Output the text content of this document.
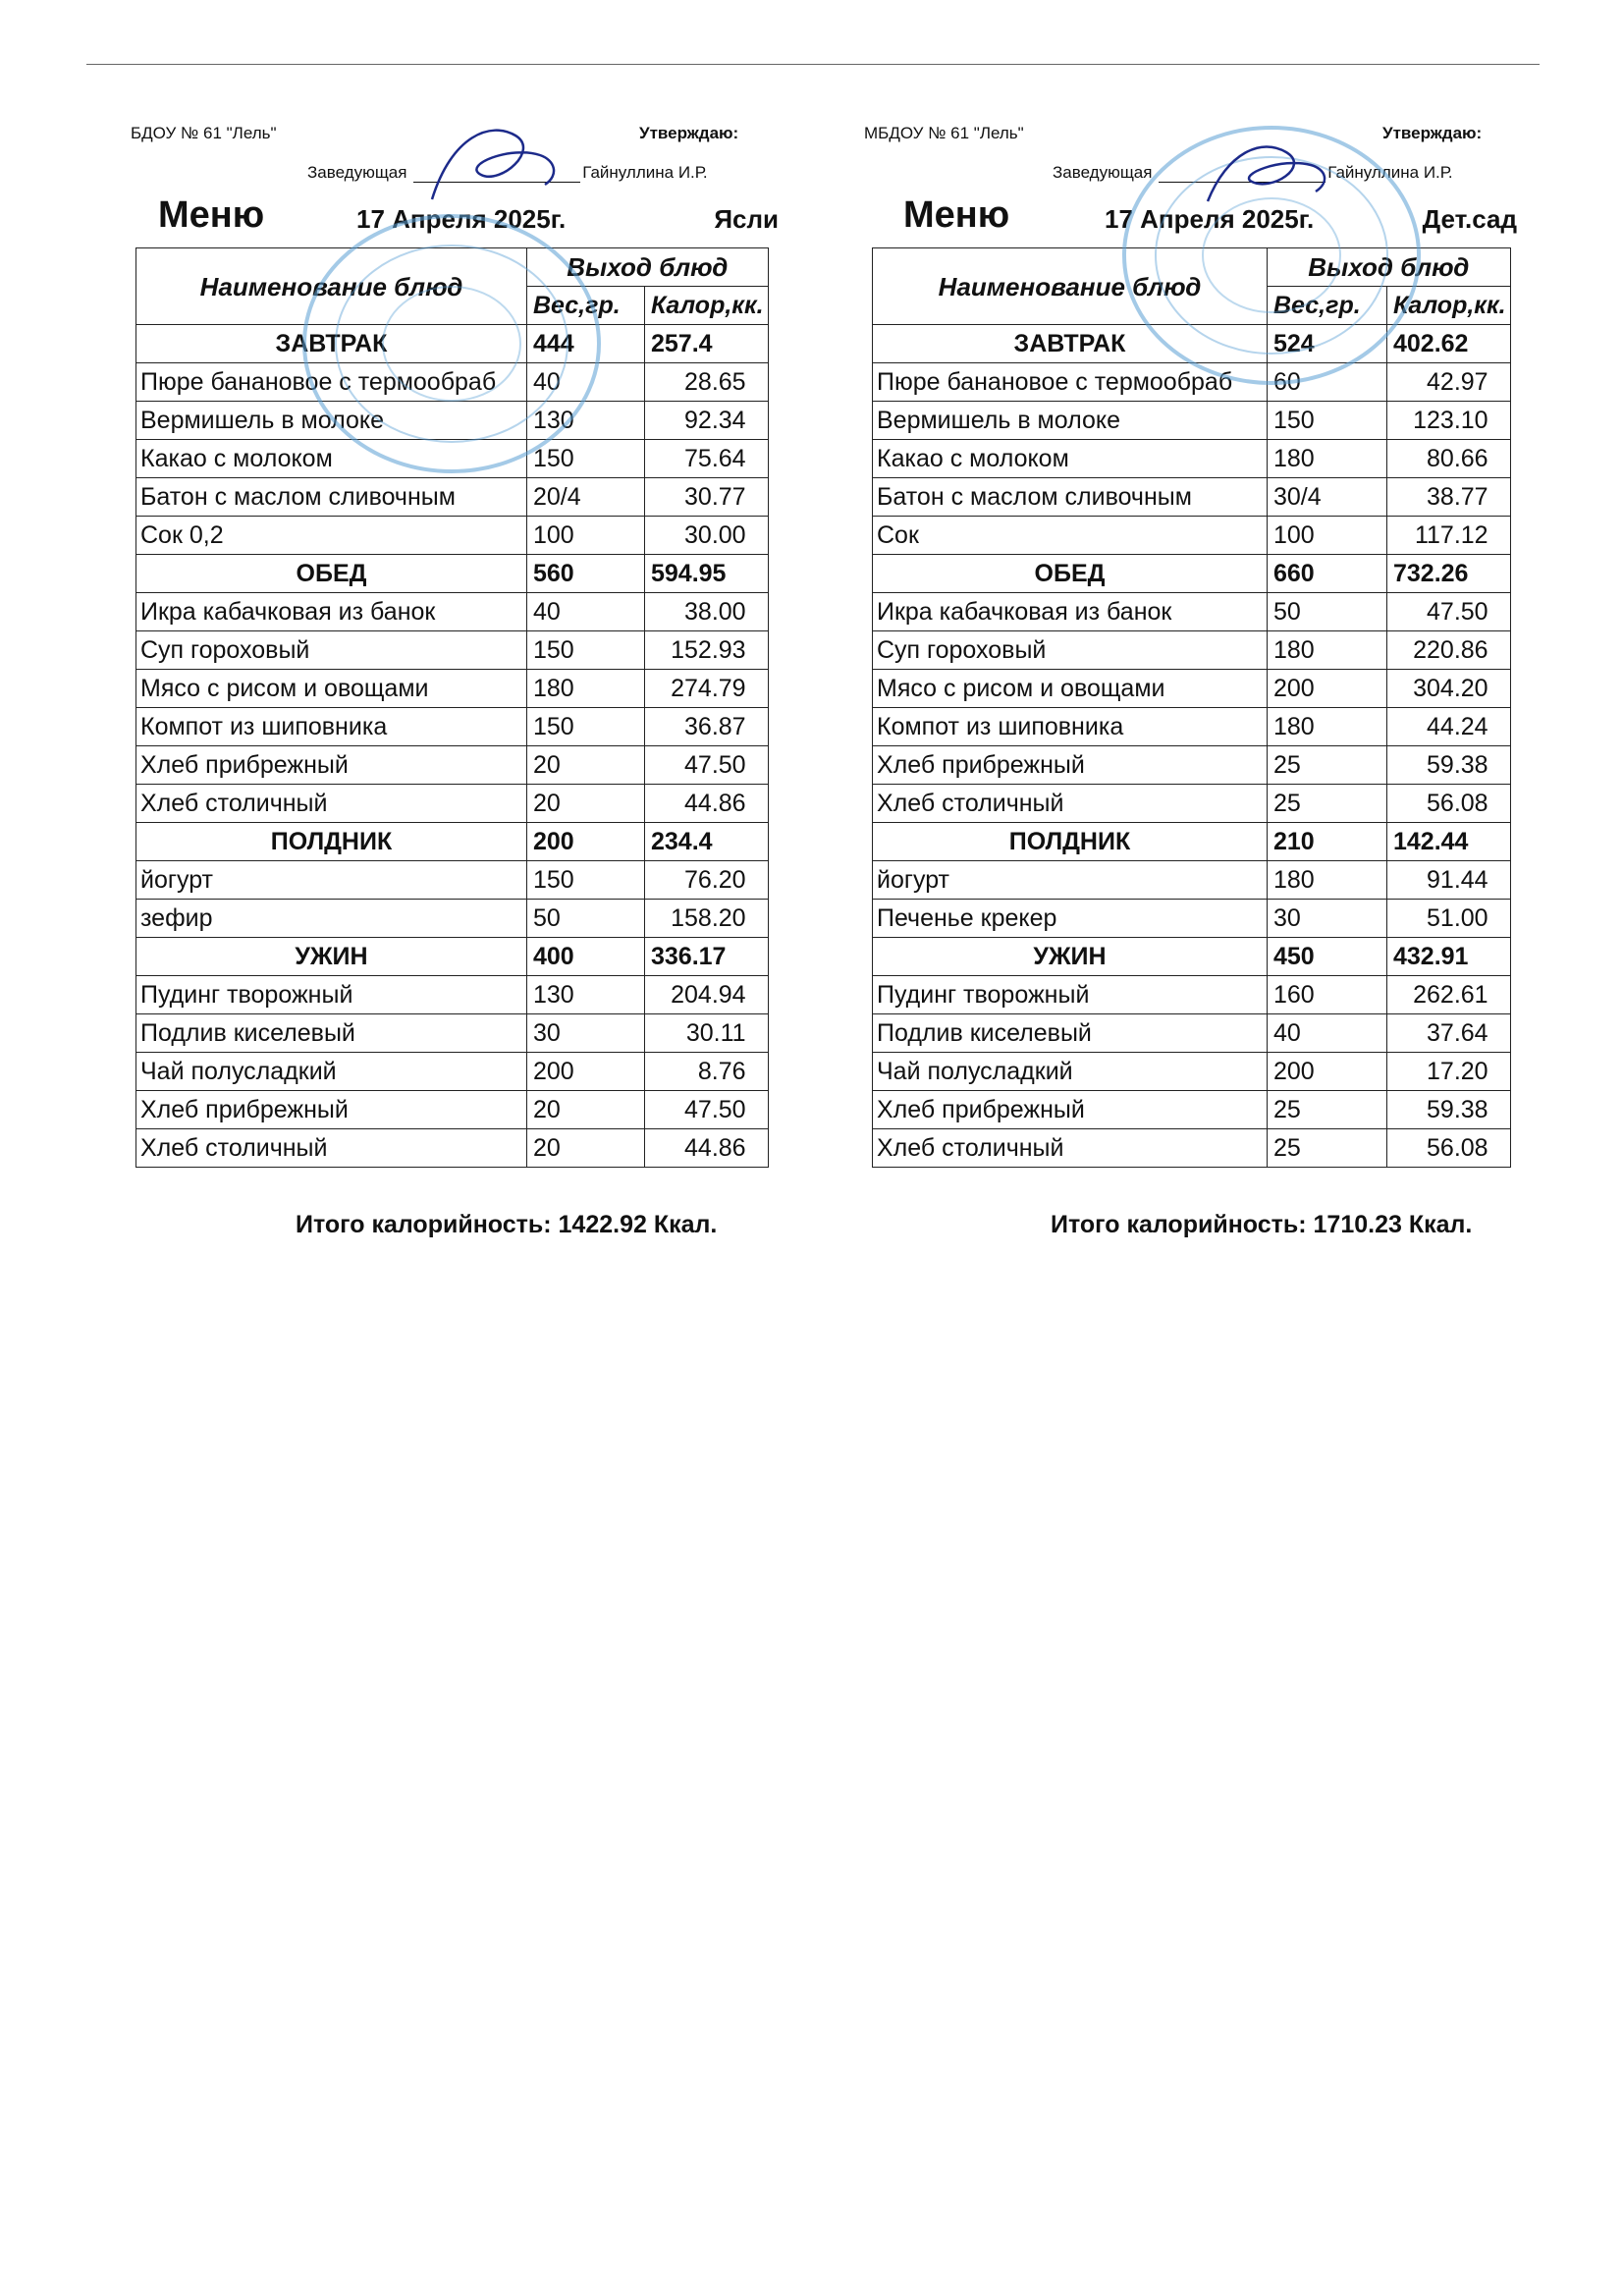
БДОУ № 61 "Лель"	Утверждаю:
Заведующая	Гайнуллина И.Р.
Меню	17 Апреля 2025г.	Ясли
Наименование блюд	Выход блюд	
	Вес,гр.	Калор,кк.
ЗАВТРАК	444	257.4
Пюре банановое с термообраб	40	28.65
Вермишель в молоке	130	92.34
Какао с молоком	150	75.64
Батон с маслом сливочным	20/4	30.77
Сок 0,2	100	30.00
ОБЕД	560	594.95
Икра кабачковая из банок	40	38.00
Суп гороховый	150	152.93
Мясо с рисом и овощами	180	274.79
Компот из шиповника	150	36.87
Хлеб прибрежный	20	47.50
Хлеб столичный	20	44.86
ПОЛДНИК	200	234.4
йогурт	150	76.20
зефир	50	158.20
УЖИН	400	336.17
Пудинг творожный	130	204.94
Подлив киселевый	30	30.11
Чай полусладкий	200	8.76
Хлеб прибрежный	20	47.50
Хлеб столичный	20	44.86
Итого калорийность: 1422.92 Ккал.
МБДОУ № 61 "Лель"	Утверждаю:
Заведующая	Гайнуллина И.Р.
Меню	17 Апреля 2025г.	Дет.сад
Наименование блюд	Выход блюд	
	Вес,гр.	Калор,кк.
ЗАВТРАК	524	402.62
Пюре банановое с термообраб	60	42.97
Вермишель в молоке	150	123.10
Какао с молоком	180	80.66
Батон с маслом сливочным	30/4	38.77
Сок	100	117.12
ОБЕД	660	732.26
Икра кабачковая из банок	50	47.50
Суп гороховый	180	220.86
Мясо с рисом и овощами	200	304.20
Компот из шиповника	180	44.24
Хлеб прибрежный	25	59.38
Хлеб столичный	25	56.08
ПОЛДНИК	210	142.44
йогурт	180	91.44
Печенье крекер	30	51.00
УЖИН	450	432.91
Пудинг творожный	160	262.61
Подлив киселевый	40	37.64
Чай полусладкий	200	17.20
Хлеб прибрежный	25	59.38
Хлеб столичный	25	56.08
Итого калорийность: 1710.23 Ккал.
